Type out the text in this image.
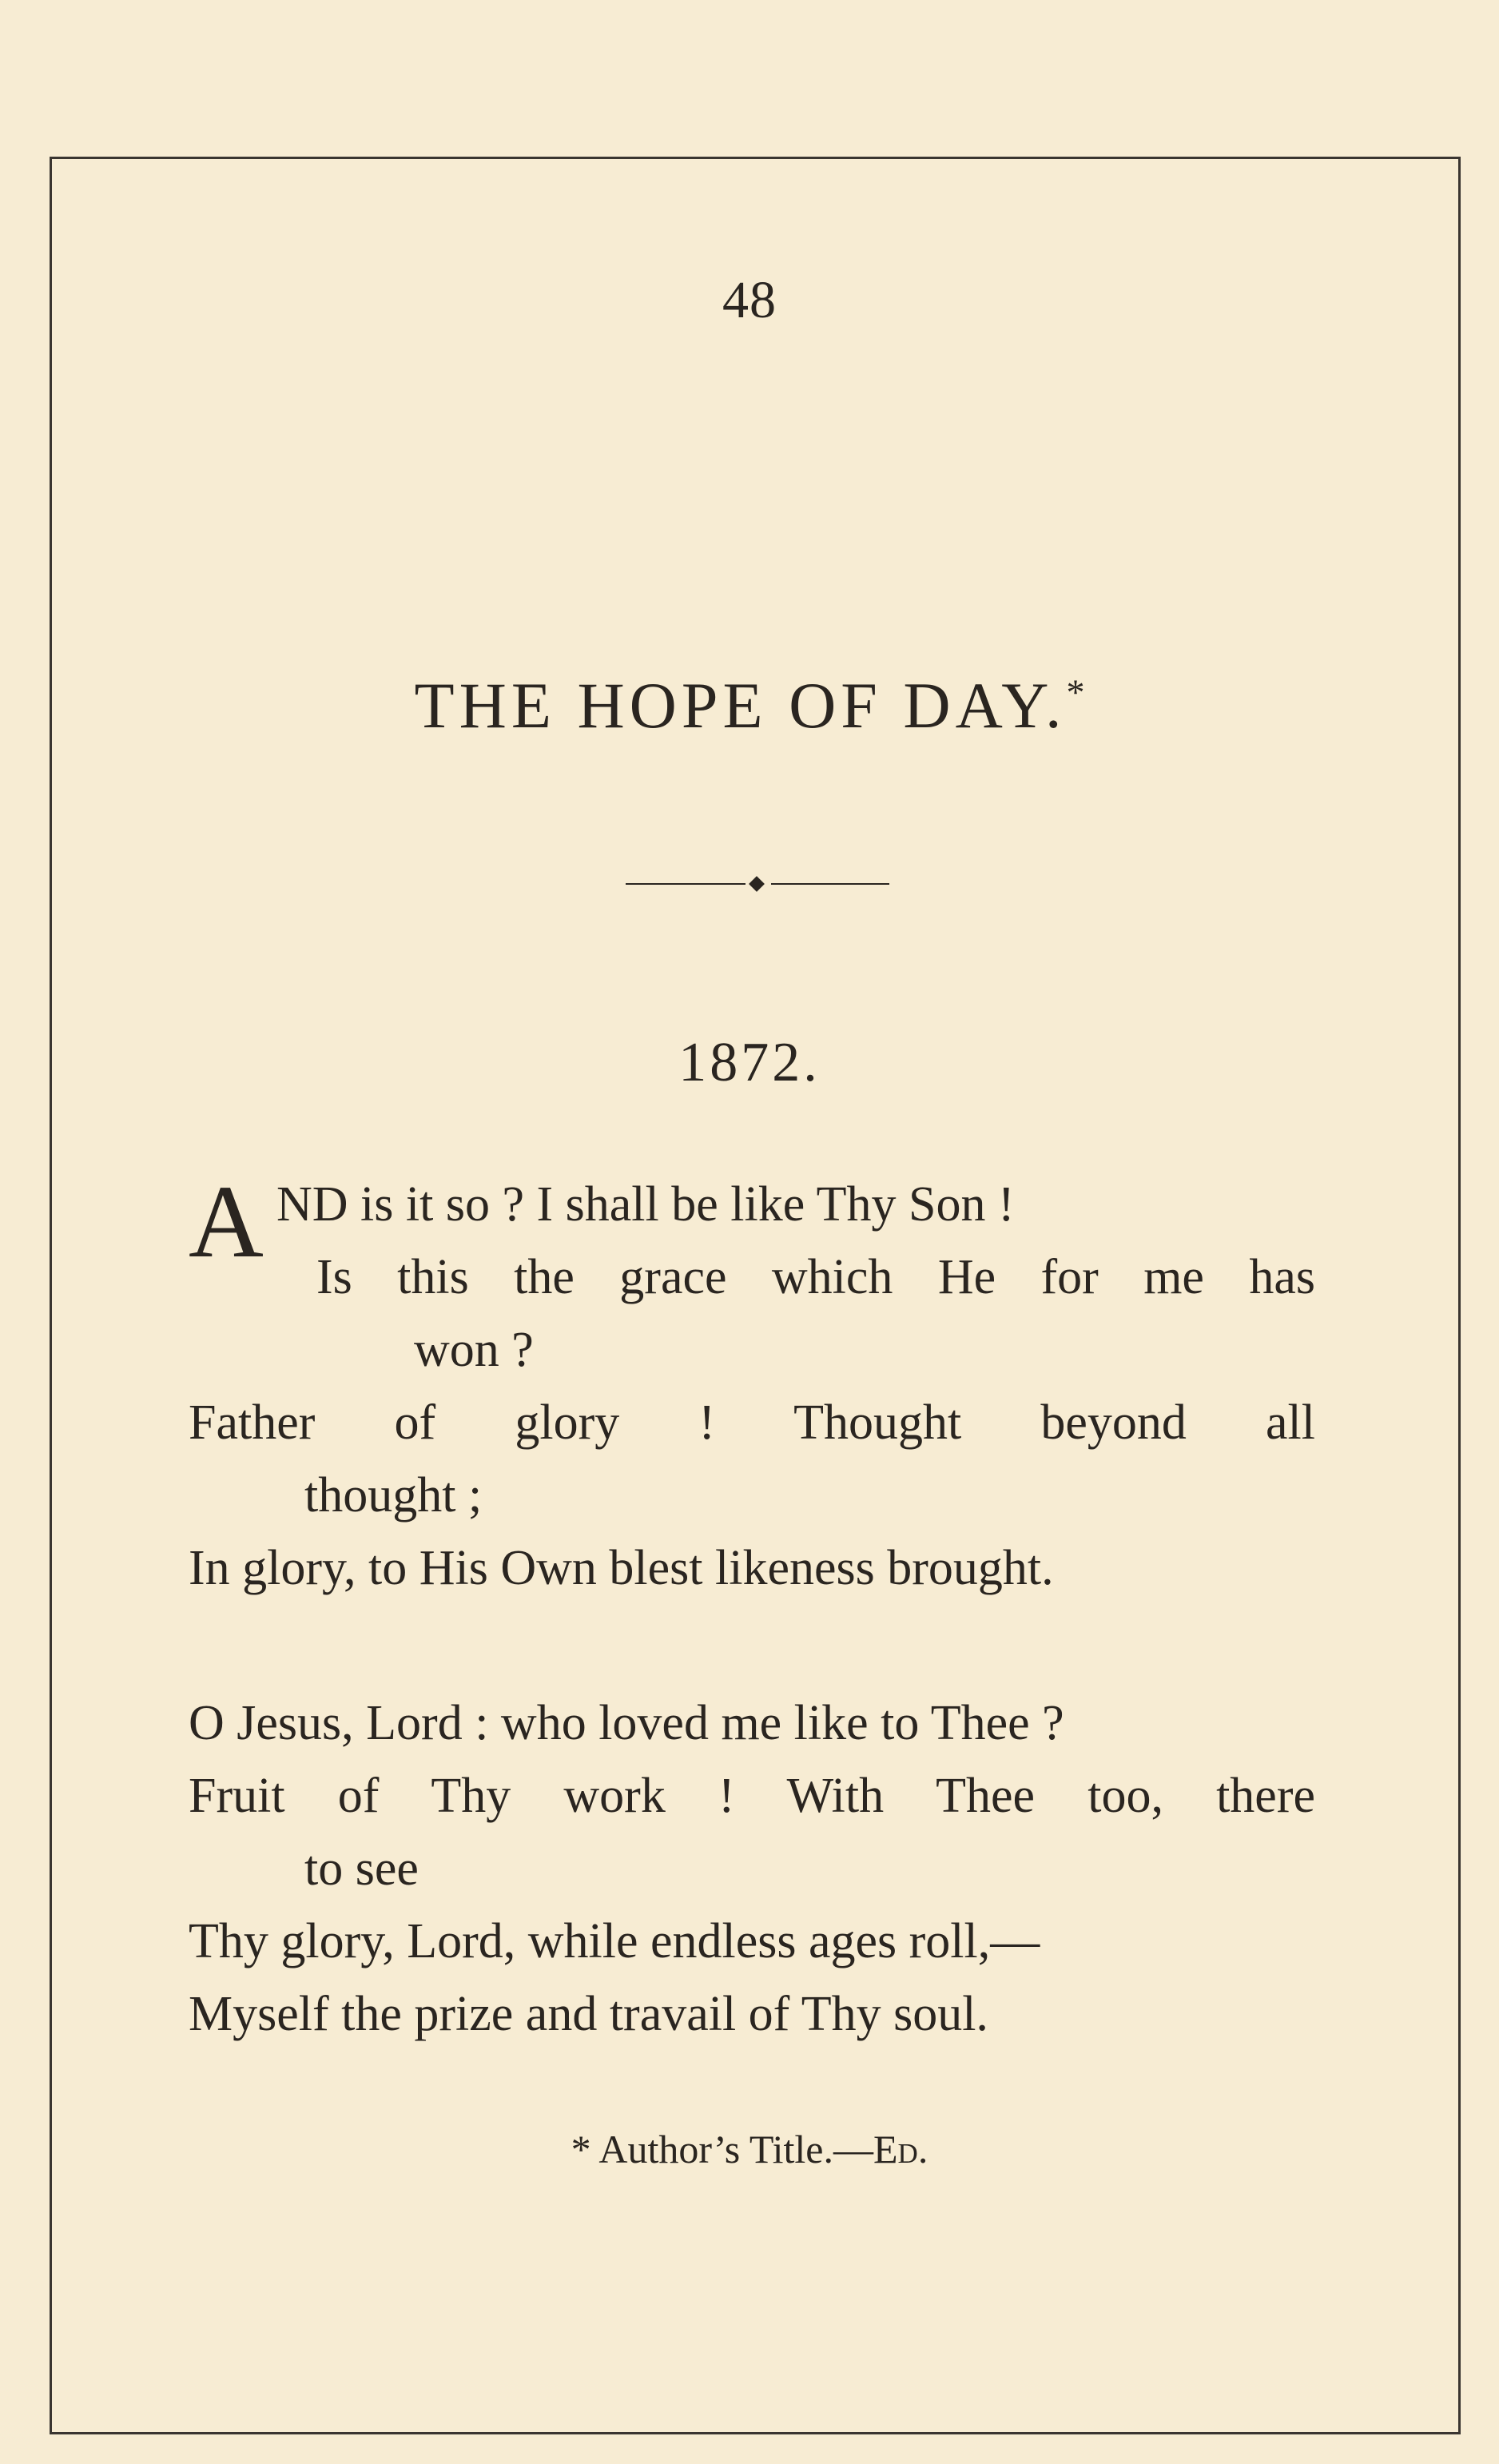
48
THE HOPE OF DAY.*
1872.
A ND is it so ? I shall be like Thy Son !
Is this the grace which He for me has
won ?
Father of glory ! Thought beyond all
thought ;
In glory, to His Own blest likeness brought.
O Jesus, Lord : who loved me like to Thee ?
Fruit of Thy work ! With Thee too, there
to see
Thy glory, Lord, while endless ages roll,—
Myself the prize and travail of Thy soul.
* Author’s Title.—Ed.
